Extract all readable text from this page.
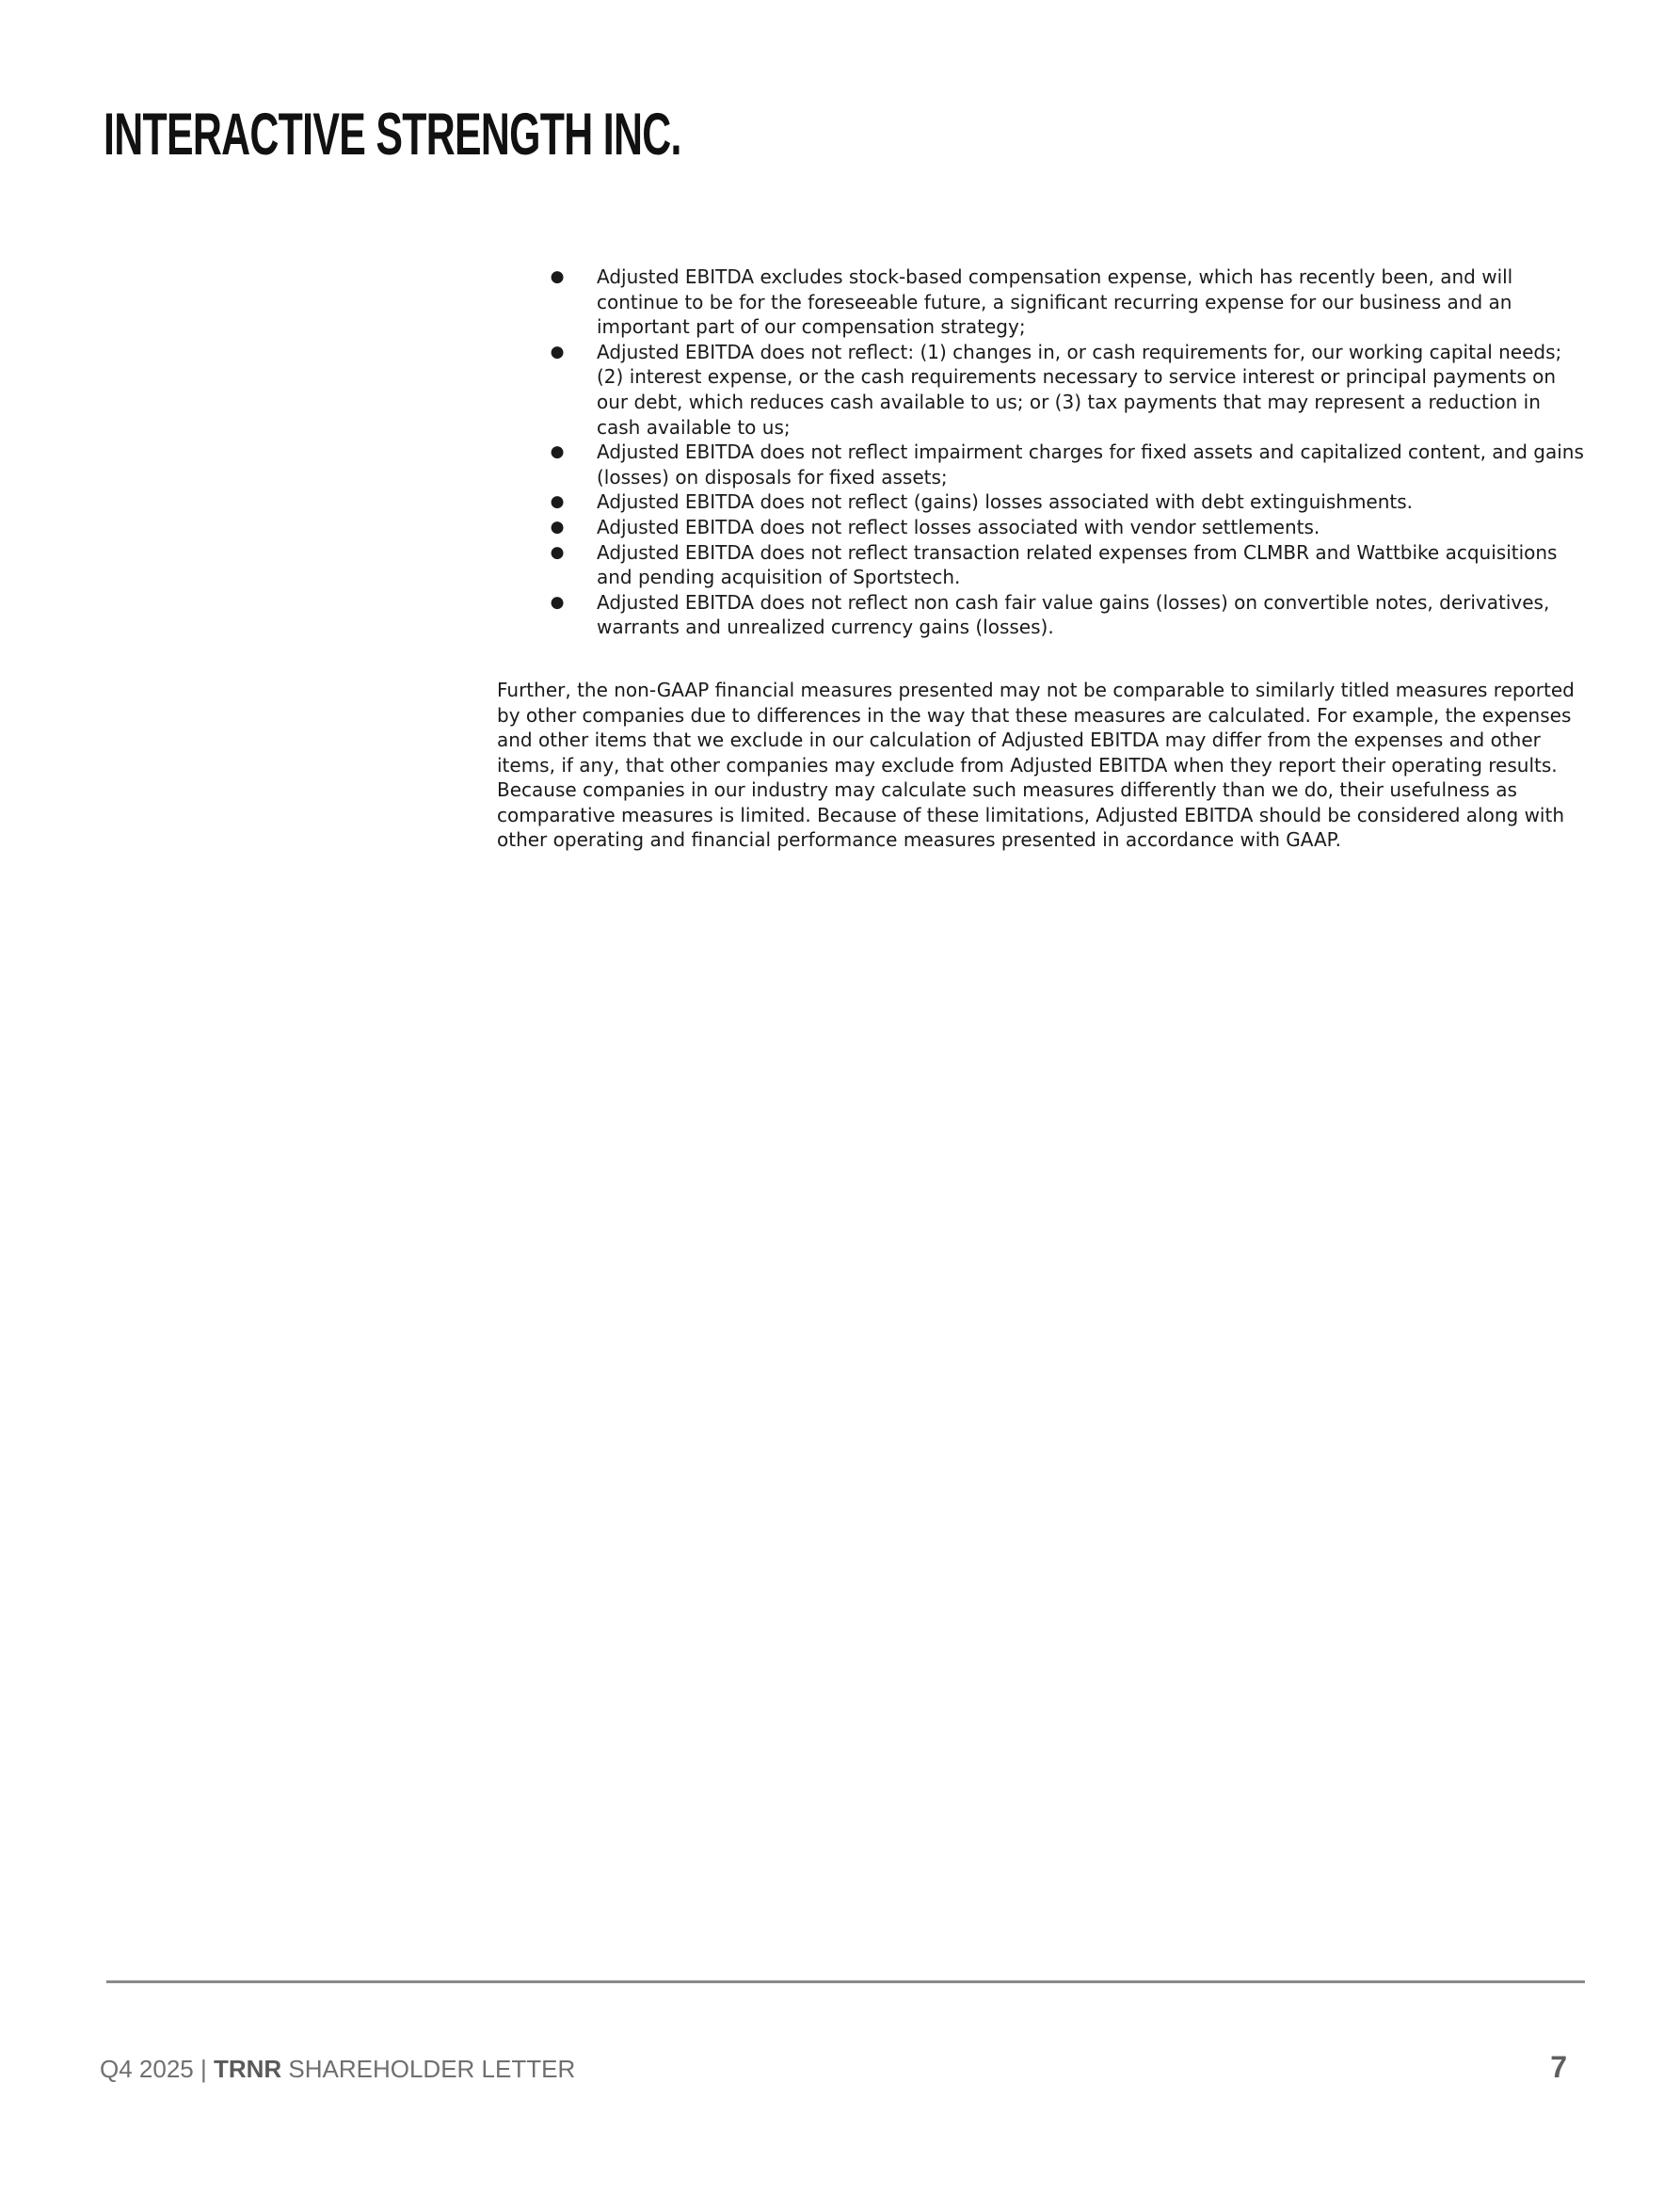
INTERACTIVE STRENGTH INC.
● Adjusted EBITDA excludes stock-based compensation expense, which has recently been, and will continue to be for the foreseeable future, a significant recurring expense for our business and an important part of our compensation strategy;
● Adjusted EBITDA does not reflect: (1) changes in, or cash requirements for, our working capital needs; (2) interest expense, or the cash requirements necessary to service interest or principal payments on our debt, which reduces cash available to us; or (3) tax payments that may represent a reduction in cash available to us;
● Adjusted EBITDA does not reflect impairment charges for fixed assets and capitalized content, and gains (losses) on disposals for fixed assets;
● Adjusted EBITDA does not reflect (gains) losses associated with debt extinguishments.
● Adjusted EBITDA does not reflect losses associated with vendor settlements.
● Adjusted EBITDA does not reflect transaction related expenses from CLMBR and Wattbike acquisitions and pending acquisition of Sportstech.
● Adjusted EBITDA does not reflect non cash fair value gains (losses) on convertible notes, derivatives, warrants and unrealized currency gains (losses).

Further, the non-GAAP financial measures presented may not be comparable to similarly titled measures reported by other companies due to differences in the way that these measures are calculated. For example, the expenses and other items that we exclude in our calculation of Adjusted EBITDA may differ from the expenses and other items, if any, that other companies may exclude from Adjusted EBITDA when they report their operating results. Because companies in our industry may calculate such measures differently than we do, their usefulness as comparative measures is limited. Because of these limitations, Adjusted EBITDA should be considered along with other operating and financial performance measures presented in accordance with GAAP.

Q4 2025 | TRNR SHAREHOLDER LETTER	7
